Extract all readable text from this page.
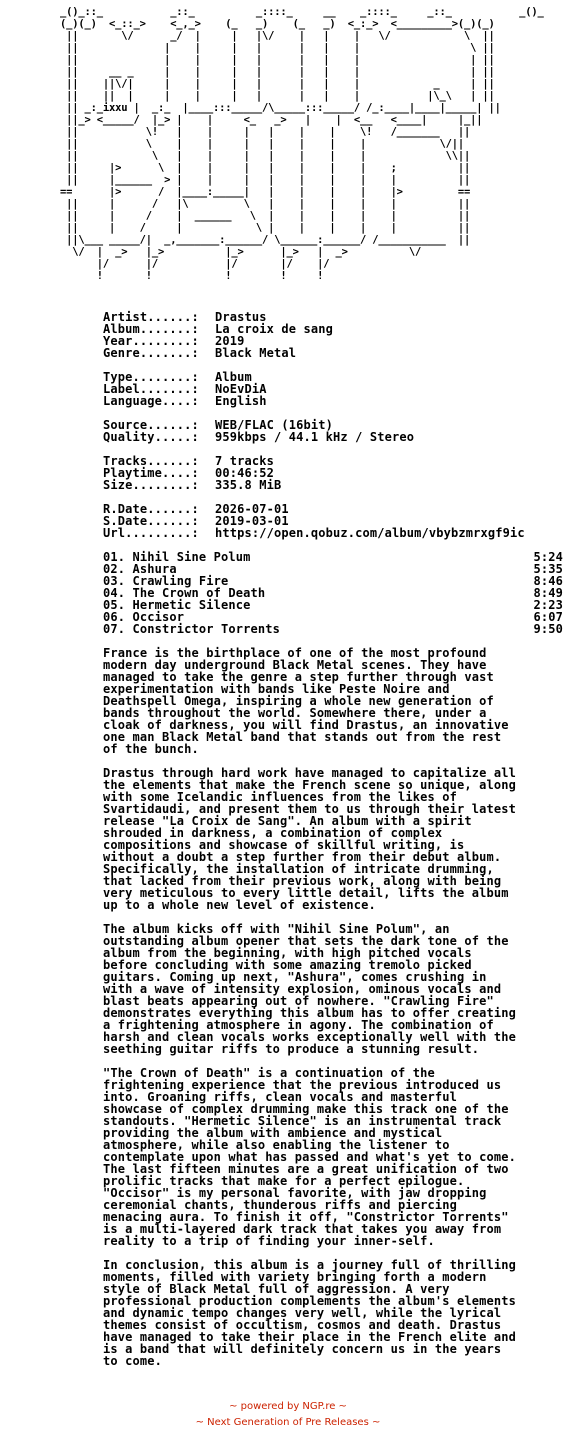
_()_::_           _::_          _::::_     __    _::::_     _::_           _()_
(_)(_)  <_::_>    <_,_>    (_   _)    (_   _)  <_:_>  <_________>(_)(_)
||       \/      _/  |     |   |\/    |   |    |   \/            \  ||
||              |    |     |   |      |   |    |                  \ ||
||              |    |     |   |      |   |    |                  | ||
||     __ _     |    |     |   |      |   |    |                  | ||
||    ||\/|     |    |     |   |      |   |    |            _     | ||
||    ||  |     |    |     |   |      |   |    |           |\_\   | ||
|| _:_ixxu |  _:_  |____:::_____/\_____:::_____/ /_:____|____|_____| ||
||_> <_____/  |_> |    |     <_   _>   |    |  <__   <____|     |_||
||           \!   |    |     |   |    |    |    \!   /_______   ||
||           \    |    |     |   |    |    |    |            \/||
||            \   |    |     |   |    |    |    |             \\||
||     |>      \  |    |     |   |    |    |    |    ;          ||
||     |______  > |    |     |   |    |    |    |    |          ||
==      |>      /  |____:_____|   |    |    |    |    |>         ==
||     |      /   |\         \   |    |    |    |    |          ||
||     |     /    |  ______   \  |    |    |    |    |          ||
||     |    /     |            \ |    |    |    |    |          ||
||\___ _____/|  _,_______:______/ \______:______/ /___________  ||
\/  |  _>   |_>          |_>      |_>   |  _>          \/
|/      |/           |/       |/    |/
!       !            !        !     !
Artist......:	Drastus
Album.......:	La croix de sang
Year........:	2019
Genre.......:	Black Metal
Type........:	Album
Label.......:	NoEvDiA
Language....:	English
Source......:	WEB/FLAC (16bit)
Quality.....:	959kbps / 44.1 kHz / Stereo
Tracks......:	7 tracks
Playtime....:	00:46:52
Size........:	335.8 MiB
R.Date......:	2026-07-01
S.Date......:	2019-03-01
Url.........:	https://open.qobuz.com/album/vbybzmrxgf9ic
01.
Nihil Sine Polum	5:24
02.
Ashura	5:35
03.
Crawling Fire	8:46
04.
The Crown of Death	8:49
05.
Hermetic Silence	2:23
06.
Occisor	6:07
07.
Constrictor Torrents	9:50

France is the birthplace of one of the most profound
modern day underground Black Metal scenes. They have
managed to take the genre a step further through vast
experimentation with bands like Peste Noire and
Deathspell Omega, inspiring a whole new generation of
bands throughout the world. Somewhere there, under a
cloak of darkness, you will find Drastus, an innovative
one man Black Metal band that stands out from the rest
of the bunch.

Drastus through hard work have managed to capitalize all
the elements that make the French scene so unique, along
with some Icelandic influences from the likes of
Svartidaudi, and present them to us through their latest
release "La Croix de Sang". An album with a spirit
shrouded in darkness, a combination of complex
compositions and showcase of skillful writing, is
without a doubt a step further from their debut album.
Specifically, the installation of intricate drumming,
that lacked from their previous work, along with being
very meticulous to every little detail, lifts the album
up to a whole new level of existence.

The album kicks off with "Nihil Sine Polum", an
outstanding album opener that sets the dark tone of the
album from the beginning, with high pitched vocals
before concluding with some amazing tremolo picked
guitars. Coming up next, "Ashura", comes crushing in
with a wave of intensity explosion, ominous vocals and
blast beats appearing out of nowhere. "Crawling Fire"
demonstrates everything this album has to offer creating
a frightening atmosphere in agony. The combination of
harsh and clean vocals works exceptionally well with the
seething guitar riffs to produce a stunning result.

"The Crown of Death" is a continuation of the
frightening experience that the previous introduced us
into. Groaning riffs, clean vocals and masterful
showcase of complex drumming make this track one of the
standouts. "Hermetic Silence" is an instrumental track
providing the album with ambience and mystical
atmosphere, while also enabling the listener to
contemplate upon what has passed and what's yet to come.
The last fifteen minutes are a great unification of two
prolific tracks that make for a perfect epilogue.
"Occisor" is my personal favorite, with jaw dropping
ceremonial chants, thunderous riffs and piercing
menacing aura. To finish it off, "Constrictor Torrents"
is a multi-layered dark track that takes you away from
reality to a trip of finding your inner-self.

In conclusion, this album is a journey full of thrilling
moments, filled with variety bringing forth a modern
style of Black Metal full of aggression. A very
professional production complements the album's elements
and dynamic tempo changes very well, while the lyrical
themes consist of occultism, cosmos and death. Drastus
have managed to take their place in the French elite and
is a band that will definitely concern us in the years
to come.

~ powered by NGP.re ~
~ Next Generation of Pre Releases ~
